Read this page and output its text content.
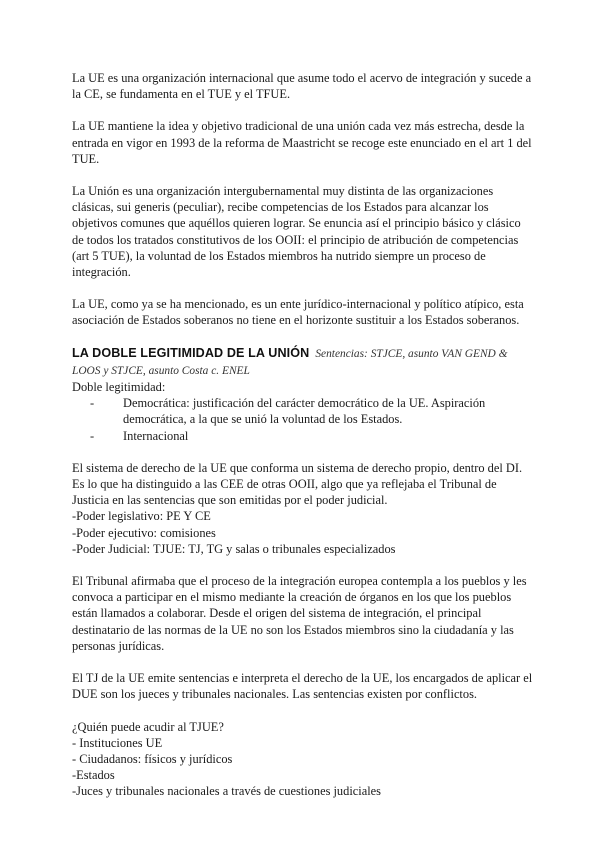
La UE es una organización internacional que asume todo el acervo de integración y sucede a la CE, se fundamenta en el TUE y el TFUE.

La UE mantiene la idea y objetivo tradicional de una unión cada vez más estrecha, desde la entrada en vigor en 1993 de la reforma de Maastricht se recoge este enunciado en el art 1 del TUE.

La Unión es una organización intergubernamental muy distinta de las organizaciones clásicas, sui generis (peculiar), recibe competencias de los Estados para alcanzar los objetivos comunes que aquéllos quieren lograr. Se enuncia así el principio básico y clásico de todos los tratados constitutivos de los OOII: el principio de atribución de competencias (art 5 TUE), la voluntad de los Estados miembros ha nutrido siempre un proceso de integración.

La UE, como ya se ha mencionado, es un ente jurídico-internacional y político atípico, esta asociación de Estados soberanos no tiene en el horizonte sustituir a los Estados soberanos.

LA DOBLE LEGITIMIDAD DE LA UNIÓN Sentencias: STJCE, asunto VAN GEND & LOOS y STJCE, asunto Costa c. ENEL
Doble legitimidad:
- Democrática: justificación del carácter democrático de la UE. Aspiración democrática, a la que se unió la voluntad de los Estados.
- Internacional
El sistema de derecho de la UE que conforma un sistema de derecho propio, dentro del DI. Es lo que ha distinguido a las CEE de otras OOII, algo que ya reflejaba el Tribunal de Justicia en las sentencias que son emitidas por el poder judicial.
-Poder legislativo: PE Y CE
-Poder ejecutivo: comisiones
-Poder Judicial: TJUE: TJ, TG y salas o tribunales especializados

El Tribunal afirmaba que el proceso de la integración europea contempla a los pueblos y les convoca a participar en el mismo mediante la creación de órganos en los que los pueblos están llamados a colaborar. Desde el origen del sistema de integración, el principal destinatario de las normas de la UE no son los Estados miembros sino la ciudadanía y las personas jurídicas.

El TJ de la UE emite sentencias e interpreta el derecho de la UE, los encargados de aplicar el DUE son los jueces y tribunales nacionales. Las sentencias existen por conflictos.

¿Quién puede acudir al TJUE?
- Instituciones UE
- Ciudadanos: físicos y jurídicos
-Estados
-Juces y tribunales nacionales a través de cuestiones judiciales
